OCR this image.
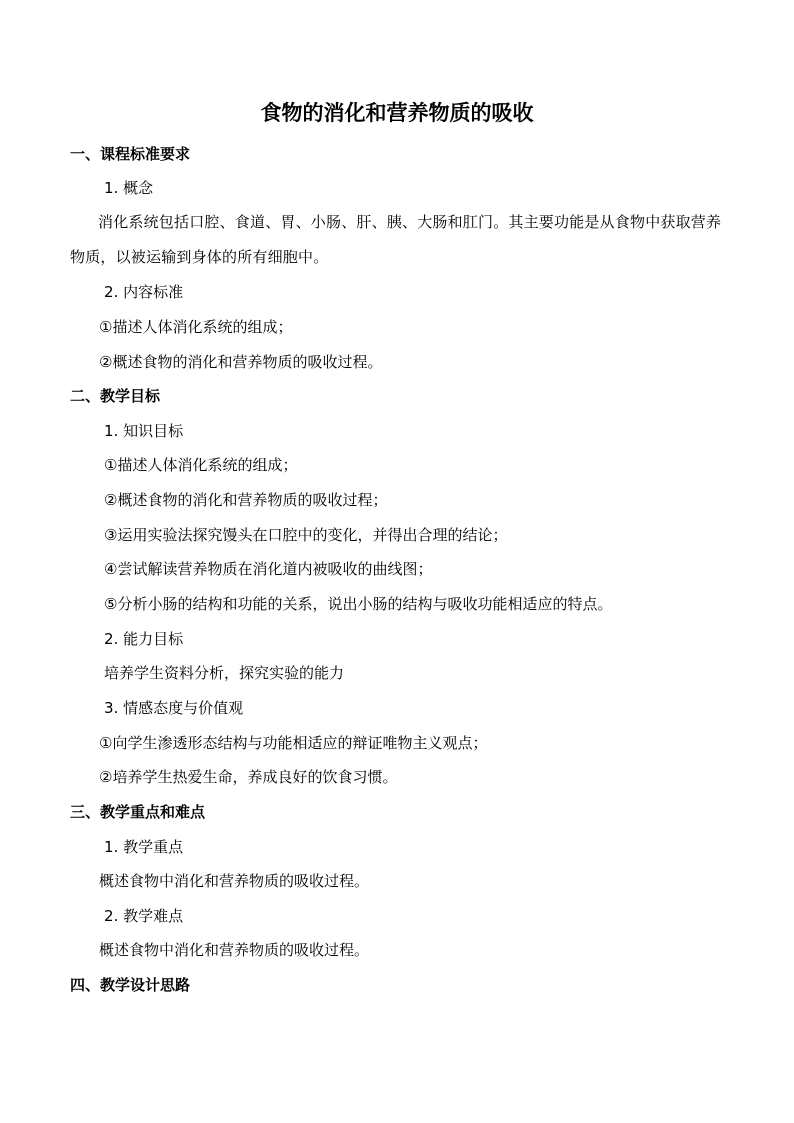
食物的消化和营养物质的吸收
一、课程标准要求
1. 概念
消化系统包括口腔、食道、胃、小肠、肝、胰、大肠和肛门。其主要功能是从食物中获取营养物质，以被运输到身体的所有细胞中。
2. 内容标准
①描述人体消化系统的组成；
②概述食物的消化和营养物质的吸收过程。
二、教学目标
1. 知识目标
①描述人体消化系统的组成；
②概述食物的消化和营养物质的吸收过程；
③运用实验法探究馒头在口腔中的变化，并得出合理的结论；
④尝试解读营养物质在消化道内被吸收的曲线图；
⑤分析小肠的结构和功能的关系，说出小肠的结构与吸收功能相适应的特点。
2. 能力目标
培养学生资料分析，探究实验的能力
3. 情感态度与价值观
①向学生渗透形态结构与功能相适应的辩证唯物主义观点；
②培养学生热爱生命，养成良好的饮食习惯。
三、教学重点和难点
1. 教学重点
概述食物中消化和营养物质的吸收过程。
2. 教学难点
概述食物中消化和营养物质的吸收过程。
四、教学设计思路
